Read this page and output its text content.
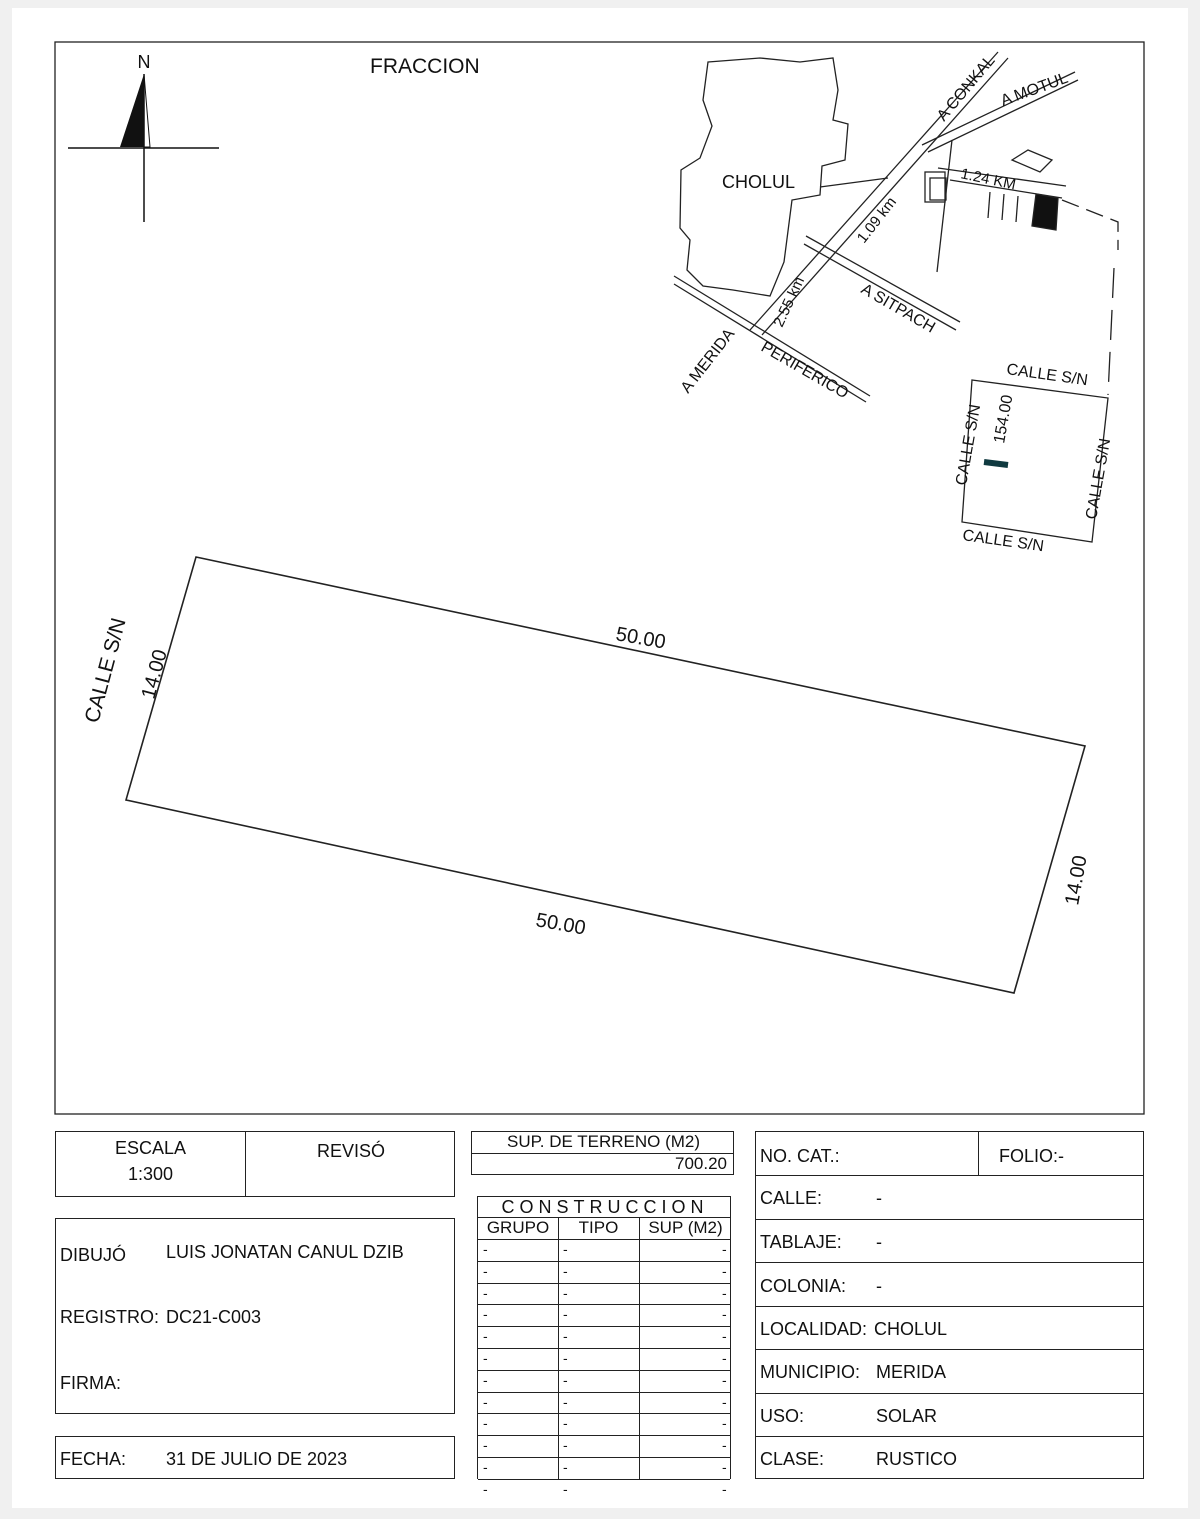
N	FRACCION
CHOLUL
A CONKAL A MOTUL
A SITPACH
A MERIDA PERIFERICO
1.24 KM
1.09 km
2.55 km
CALLE S/N
CALLE S/N	CALLE S/N
CALLE S/N
154.00
CALLE S/N 14.00
50.00
50.00
14.00
ESCALA
1:300
REVISÓ
DIBUJÓ LUIS JONATAN CANUL DZIB
REGISTRO: DC21-C003
FIRMA:
FECHA: 31 DE JULIO DE 2023
SUP. DE TERRENO (M2)
700.20
CONSTRUCCION
GRUPO	TIPO	SUP (M2)
-	-	-
-	-	-
-	-	-
-	-	-
-	-	-
-	-	-
-	-	-
-	-	-
-	-	-
-	-	-
-	-	-
-	-	-
NO. CAT.:	FOLIO:-
CALLE:	-
TABLAJE: -
COLONIA: -
LOCALIDAD: CHOLUL
MUNICIPIO: MERIDA
USO:	SOLAR
CLASE:	RUSTICO
